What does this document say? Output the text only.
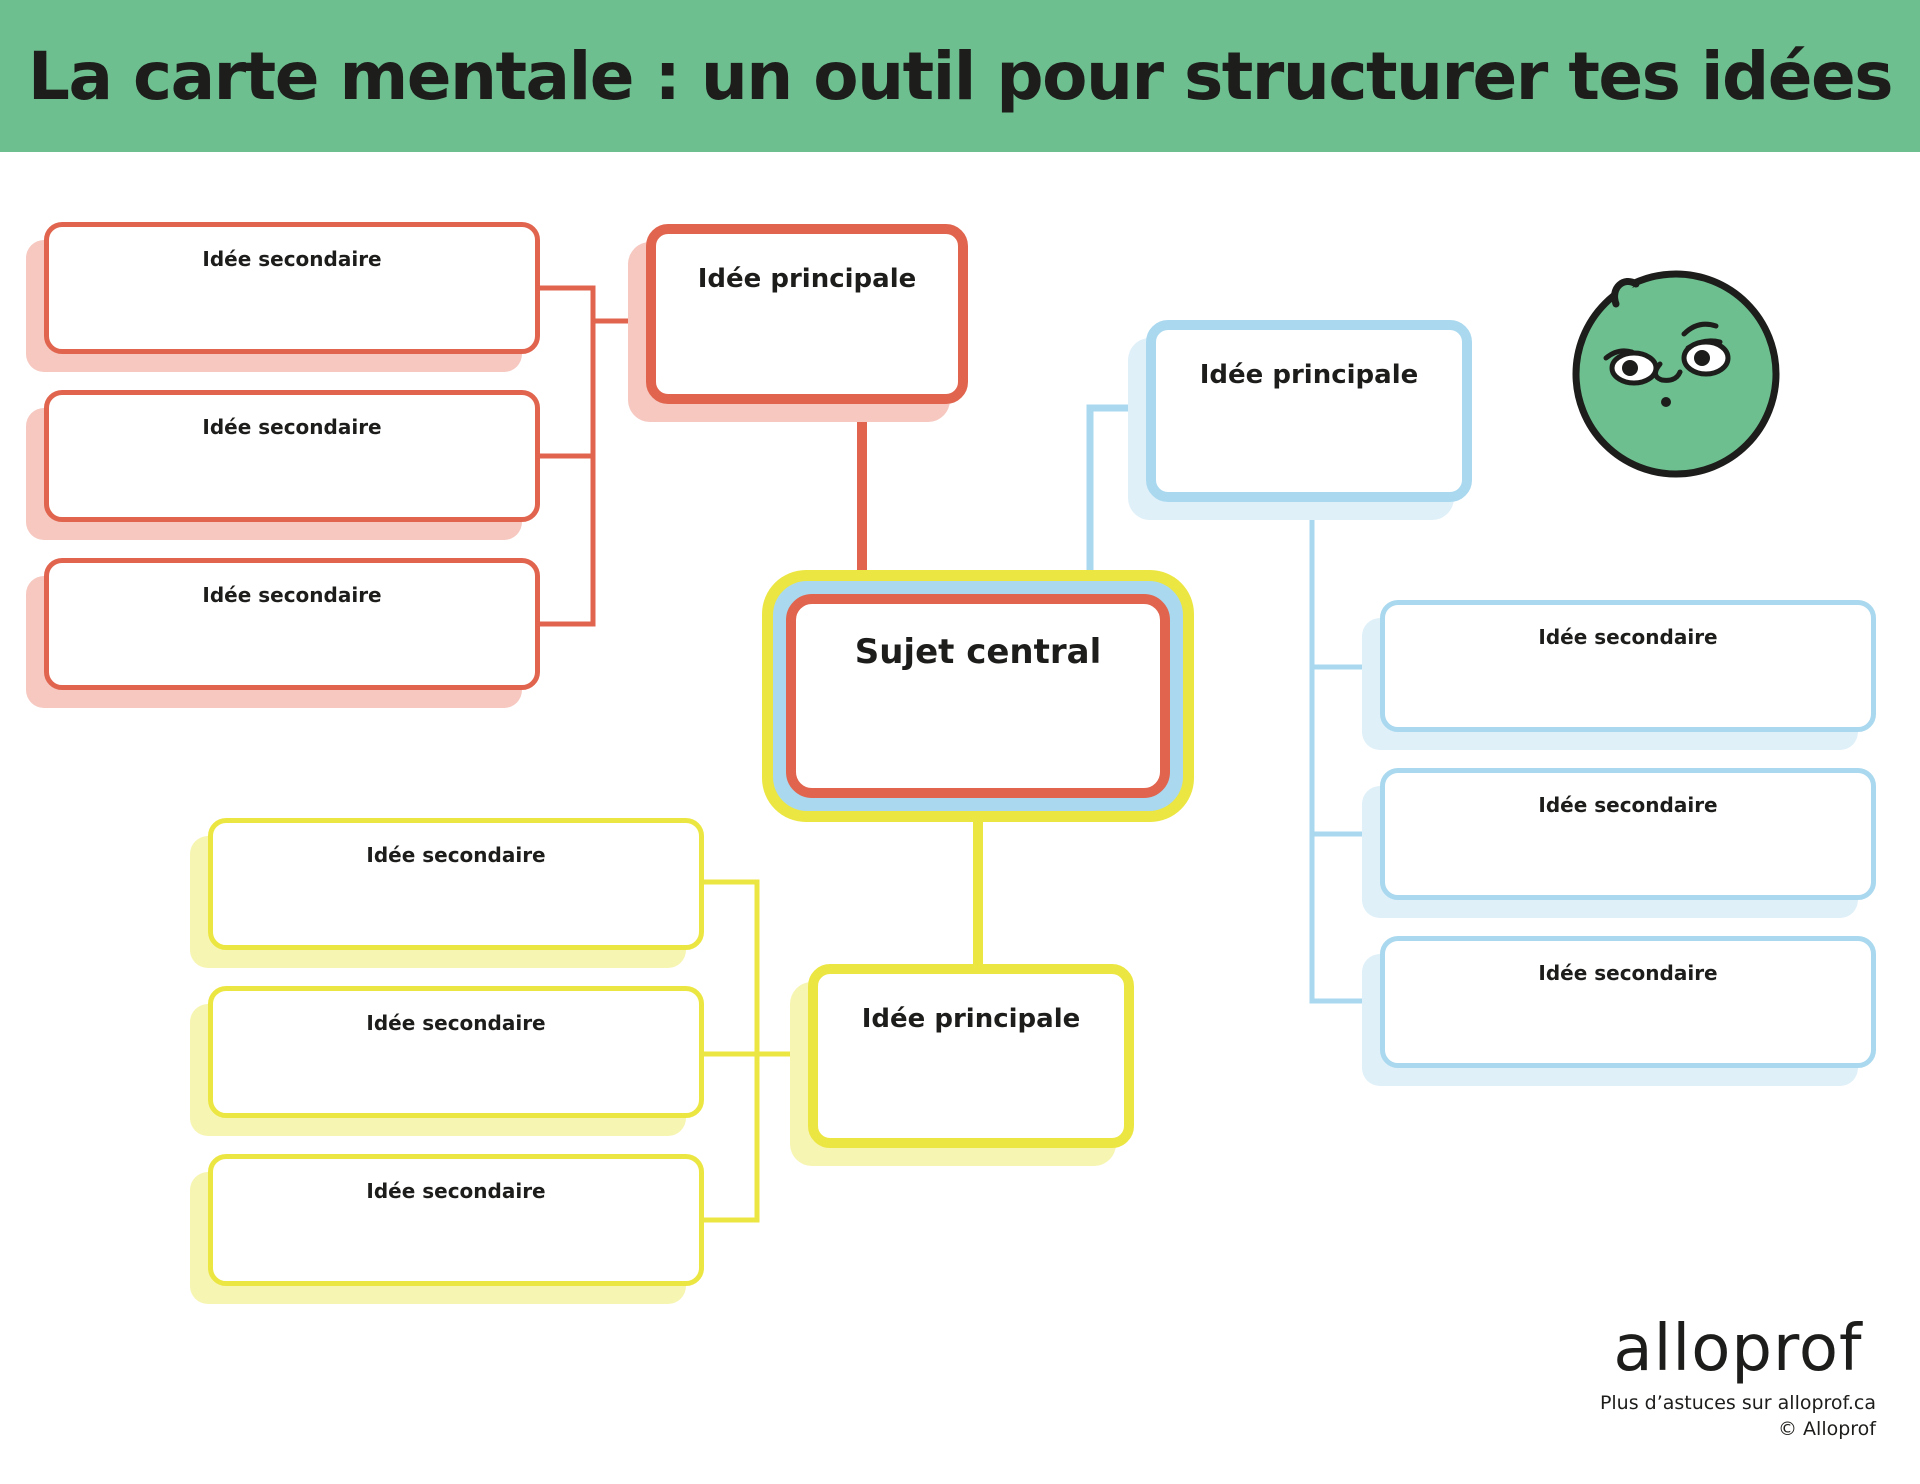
La carte mentale : un outil pour structurer tes idées
Idée principale
Idée secondaire
Idée secondaire
Idée secondaire
Idée principale
Idée secondaire
Idée secondaire
Idée secondaire
Idée principale
Idée secondaire
Idée secondaire
Idée secondaire
Sujet central
alloprof
Plus d’astuces sur alloprof.ca
© Alloprof
